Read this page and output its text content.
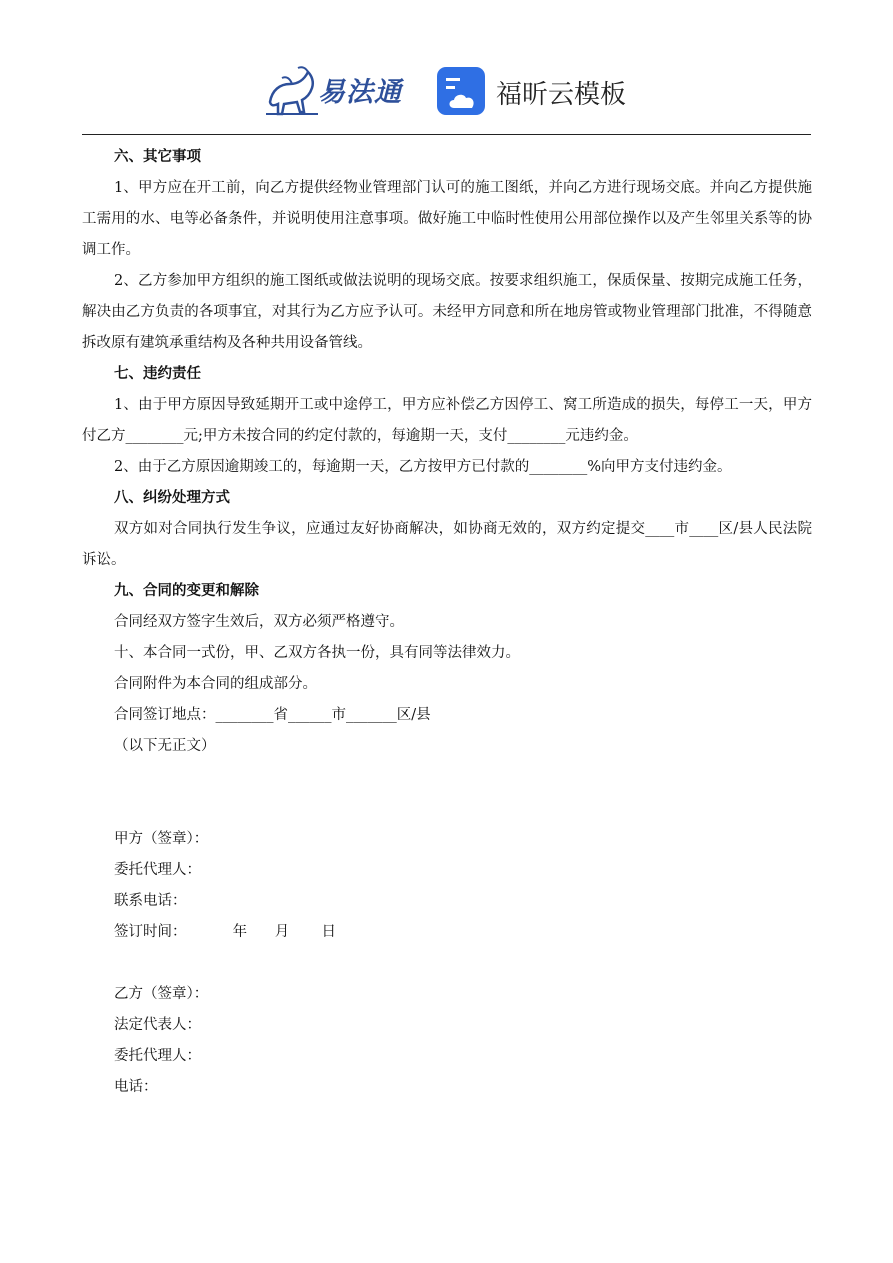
易法通	福昕云模板

六、其它事项

1、甲方应在开工前，向乙方提供经物业管理部门认可的施工图纸，并向乙方进行现场交底。并向乙方提供施工需用的水、电等必备条件，并说明使用注意事项。做好施工中临时性使用公用部位操作以及产生邻里关系等的协调工作。

2、乙方参加甲方组织的施工图纸或做法说明的现场交底。按要求组织施工，保质保量、按期完成施工任务，解决由乙方负责的各项事宜，对其行为乙方应予认可。未经甲方同意和所在地房管或物业管理部门批准，不得随意拆改原有建筑承重结构及各种共用设备管线。

七、违约责任

1、由于甲方原因导致延期开工或中途停工，甲方应补偿乙方因停工、窝工所造成的损失，每停工一天，甲方付乙方________元;甲方未按合同的约定付款的，每逾期一天，支付________元违约金。

2、由于乙方原因逾期竣工的，每逾期一天，乙方按甲方已付款的________%向甲方支付违约金。

八、纠纷处理方式

双方如对合同执行发生争议，应通过友好协商解决，如协商无效的，双方约定提交____市____区/县人民法院诉讼。

九、合同的变更和解除

合同经双方签字生效后，双方必须严格遵守。

十、本合同一式份，甲、乙双方各执一份，具有同等法律效力。

合同附件为本合同的组成部分。

合同签订地点：________省______市_______区/县

（以下无正文）

甲方（签章）：

委托代理人：

联系电话：

签订时间：          年      月       日

乙方（签章）：

法定代表人：

委托代理人：

电话：
